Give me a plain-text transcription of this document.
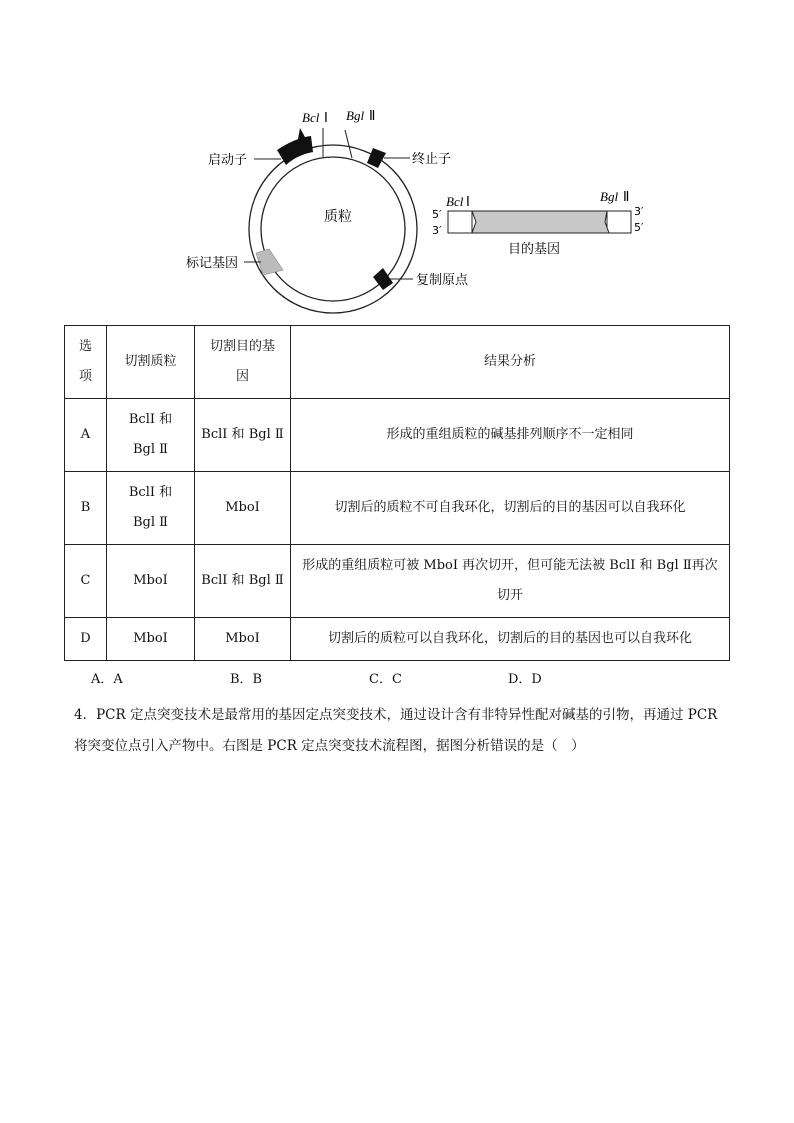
Bcl Ⅰ Bgl Ⅱ
启动子	终止子
标记基因
复制原点
质粒	5′
3′
3′
5′
Bcl Ⅰ	Bgl Ⅱ
目的基因
选项	切割质粒	切割目的基因	结果分析
A	BclI 和 Bgl Ⅱ	BclI 和 Bgl Ⅱ	形成的重组质粒的碱基排列顺序不一定相同
B	BclI 和 Bgl Ⅱ	MboI	切割后的质粒不可自我环化，切割后的目的基因可以自我环化
C	MboI	BclI 和 Bgl Ⅱ	形成的重组质粒可被 MboI 再次切开，但可能无法被 BclI 和 Bgl Ⅱ再次切开
D	MboI	MboI	切割后的质粒可以自我环化，切割后的目的基因也可以自我环化
A．A	B．B	C．C	D．D
4．PCR 定点突变技术是最常用的基因定点突变技术，通过设计含有非特异性配对碱基的引物，再通过 PCR 将突变位点引入产物中。右图是 PCR 定点突变技术流程图，据图分析错误的是（　）
